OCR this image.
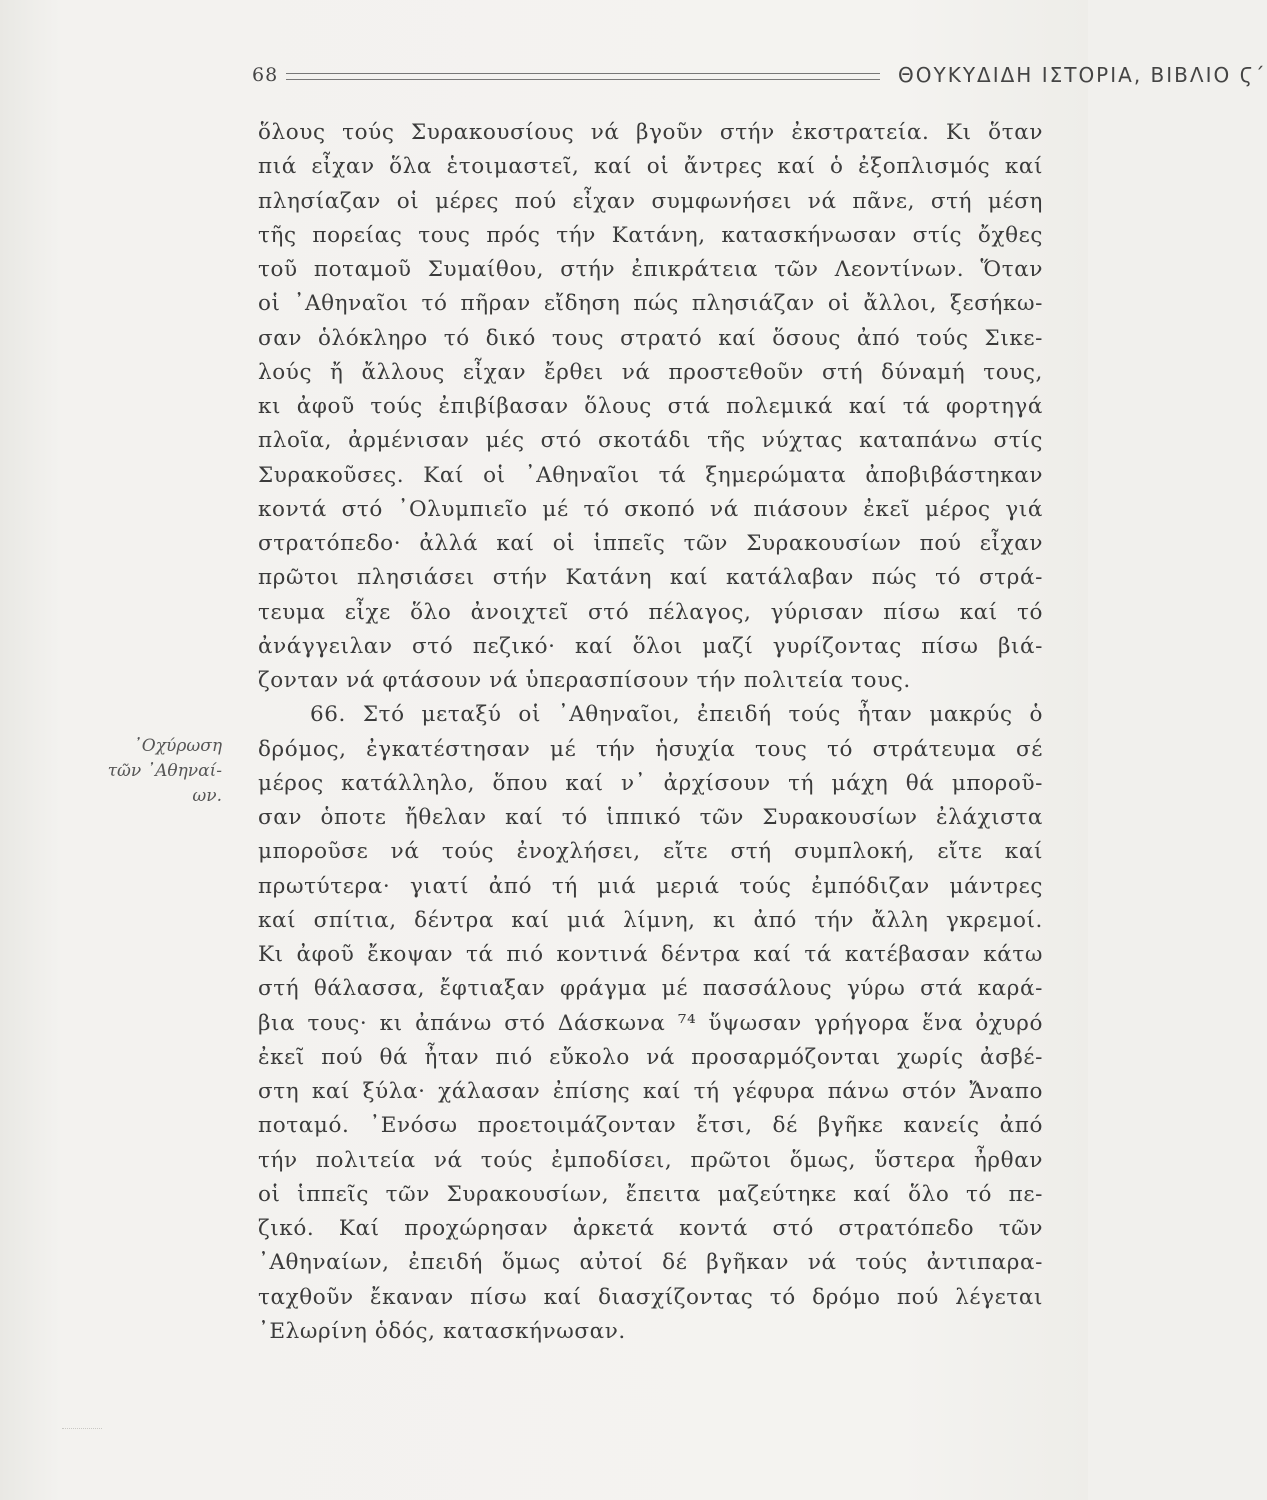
68	ΘΟΥΚΥΔΙΔΗ ΙΣΤΟΡΙΑ, ΒΙΒΛΙΟ Ϛ΄
᾿Οχύρωση
τῶν ᾿Αθηναί-
ων.
ὅλους τούς Συρακουσίους νά βγοῦν στήν ἐκστρατεία. Κι ὅταν
πιά εἶχαν ὅλα ἑτοιμαστεῖ, καί οἱ ἄντρες καί ὁ ἐξοπλισμός καί
πλησίαζαν οἱ μέρες πού εἶχαν συμφωνήσει νά πᾶνε, στή μέση
τῆς πορείας τους πρός τήν Κατάνη, κατασκήνωσαν στίς ὄχθες
τοῦ ποταμοῦ Συμαίθου, στήν ἐπικράτεια τῶν Λεοντίνων. Ὅταν
οἱ ᾿Αθηναῖοι τό πῆραν εἴδηση πώς πλησιάζαν οἱ ἄλλοι, ξεσήκω-
σαν ὁλόκληρο τό δικό τους στρατό καί ὅσους ἀπό τούς Σικε-
λούς ἤ ἄλλους εἶχαν ἔρθει νά προστεθοῦν στή δύναμή τους,
κι ἀφοῦ τούς ἐπιβίβασαν ὅλους στά πολεμικά καί τά φορτηγά
πλοῖα, ἀρμένισαν μές στό σκοτάδι τῆς νύχτας καταπάνω στίς
Συρακοῦσες. Καί οἱ ᾿Αθηναῖοι τά ξημερώματα ἀποβιβάστηκαν
κοντά στό ᾿Ολυμπιεῖο μέ τό σκοπό νά πιάσουν ἐκεῖ μέρος γιά
στρατόπεδο· ἀλλά καί οἱ ἱππεῖς τῶν Συρακουσίων πού εἶχαν
πρῶτοι πλησιάσει στήν Κατάνη καί κατάλαβαν πώς τό στρά-
τευμα εἶχε ὅλο ἀνοιχτεῖ στό πέλαγος, γύρισαν πίσω καί τό
ἀνάγγειλαν στό πεζικό· καί ὅλοι μαζί γυρίζοντας πίσω βιά-
ζονταν νά φτάσουν νά ὑπερασπίσουν τήν πολιτεία τους.
66. Στό μεταξύ οἱ ᾿Αθηναῖοι, ἐπειδή τούς ἦταν μακρύς ὁ
δρόμος, ἐγκατέστησαν μέ τήν ἡσυχία τους τό στράτευμα σέ
μέρος κατάλληλο, ὅπου καί ν᾿ ἀρχίσουν τή μάχη θά μποροῦ-
σαν ὁποτε ἤθελαν καί τό ἱππικό τῶν Συρακουσίων ἐλάχιστα
μποροῦσε νά τούς ἐνοχλήσει, εἴτε στή συμπλοκή, εἴτε καί
πρωτύτερα· γιατί ἀπό τή μιά μεριά τούς ἐμπόδιζαν μάντρες
καί σπίτια, δέντρα καί μιά λίμνη, κι ἀπό τήν ἄλλη γκρεμοί.
Κι ἀφοῦ ἔκοψαν τά πιό κοντινά δέντρα καί τά κατέβασαν κάτω
στή θάλασσα, ἔφτιαξαν φράγμα μέ πασσάλους γύρω στά καρά-
βια τους· κι ἀπάνω στό Δάσκωνα ⁷⁴ ὕψωσαν γρήγορα ἕνα ὀχυρό
ἐκεῖ πού θά ἦταν πιό εὔκολο νά προσαρμόζονται χωρίς ἀσβέ-
στη καί ξύλα· χάλασαν ἐπίσης καί τή γέφυρα πάνω στόν Ἄναπο
ποταμό. ᾿Ενόσω προετοιμάζονταν ἔτσι, δέ βγῆκε κανείς ἀπό
τήν πολιτεία νά τούς ἐμποδίσει, πρῶτοι ὅμως, ὕστερα ἦρθαν
οἱ ἱππεῖς τῶν Συρακουσίων, ἔπειτα μαζεύτηκε καί ὅλο τό πε-
ζικό. Καί προχώρησαν ἀρκετά κοντά στό στρατόπεδο τῶν
᾿Αθηναίων, ἐπειδή ὅμως αὐτοί δέ βγῆκαν νά τούς ἀντιπαρα-
ταχθοῦν ἔκαναν πίσω καί διασχίζοντας τό δρόμο πού λέγεται
᾿Ελωρίνη ὁδός, κατασκήνωσαν.
